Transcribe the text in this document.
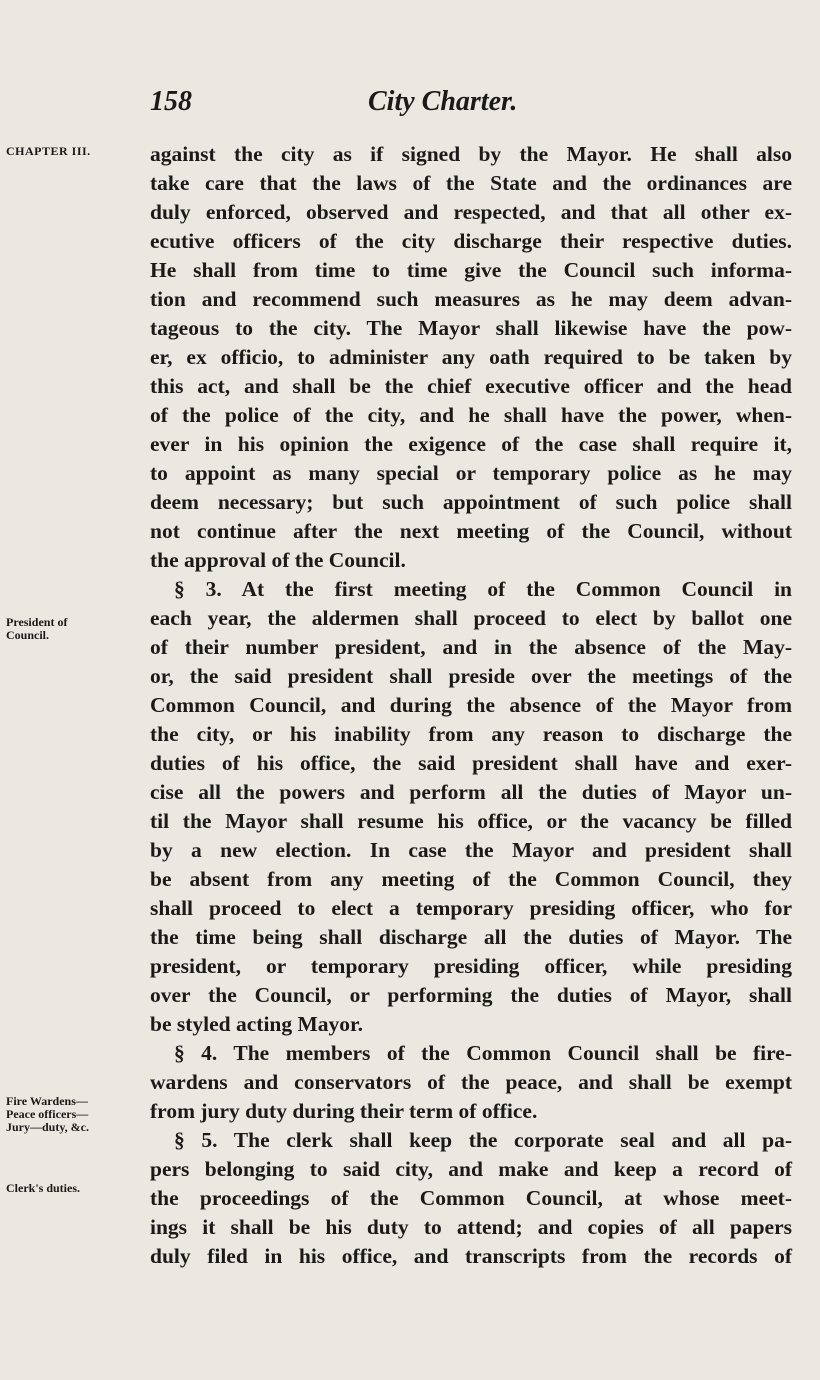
158	City Charter.
CHAPTER III.
President of
Council.
Fire Wardens—
Peace officers—
Jury—duty, &c.
Clerk's duties.
against the city as if signed by the Mayor. He shall also
take care that the laws of the State and the ordinances are
duly enforced, observed and respected, and that all other ex-
ecutive officers of the city discharge their respective duties.
He shall from time to time give the Council such informa-
tion and recommend such measures as he may deem advan-
tageous to the city. The Mayor shall likewise have the pow-
er, ex officio, to administer any oath required to be taken by
this act, and shall be the chief executive officer and the head
of the police of the city, and he shall have the power, when-
ever in his opinion the exigence of the case shall require it,
to appoint as many special or temporary police as he may
deem necessary; but such appointment of such police shall
not continue after the next meeting of the Council, without
the approval of the Council.
§ 3. At the first meeting of the Common Council in
each year, the aldermen shall proceed to elect by ballot one
of their number president, and in the absence of the May-
or, the said president shall preside over the meetings of the
Common Council, and during the absence of the Mayor from
the city, or his inability from any reason to discharge the
duties of his office, the said president shall have and exer-
cise all the powers and perform all the duties of Mayor un-
til the Mayor shall resume his office, or the vacancy be filled
by a new election. In case the Mayor and president shall
be absent from any meeting of the Common Council, they
shall proceed to elect a temporary presiding officer, who for
the time being shall discharge all the duties of Mayor. The
president, or temporary presiding officer, while presiding
over the Council, or performing the duties of Mayor, shall
be styled acting Mayor.
§ 4. The members of the Common Council shall be fire-
wardens and conservators of the peace, and shall be exempt
from jury duty during their term of office.
§ 5. The clerk shall keep the corporate seal and all pa-
pers belonging to said city, and make and keep a record of
the proceedings of the Common Council, at whose meet-
ings it shall be his duty to attend; and copies of all papers
duly filed in his office, and transcripts from the records of
